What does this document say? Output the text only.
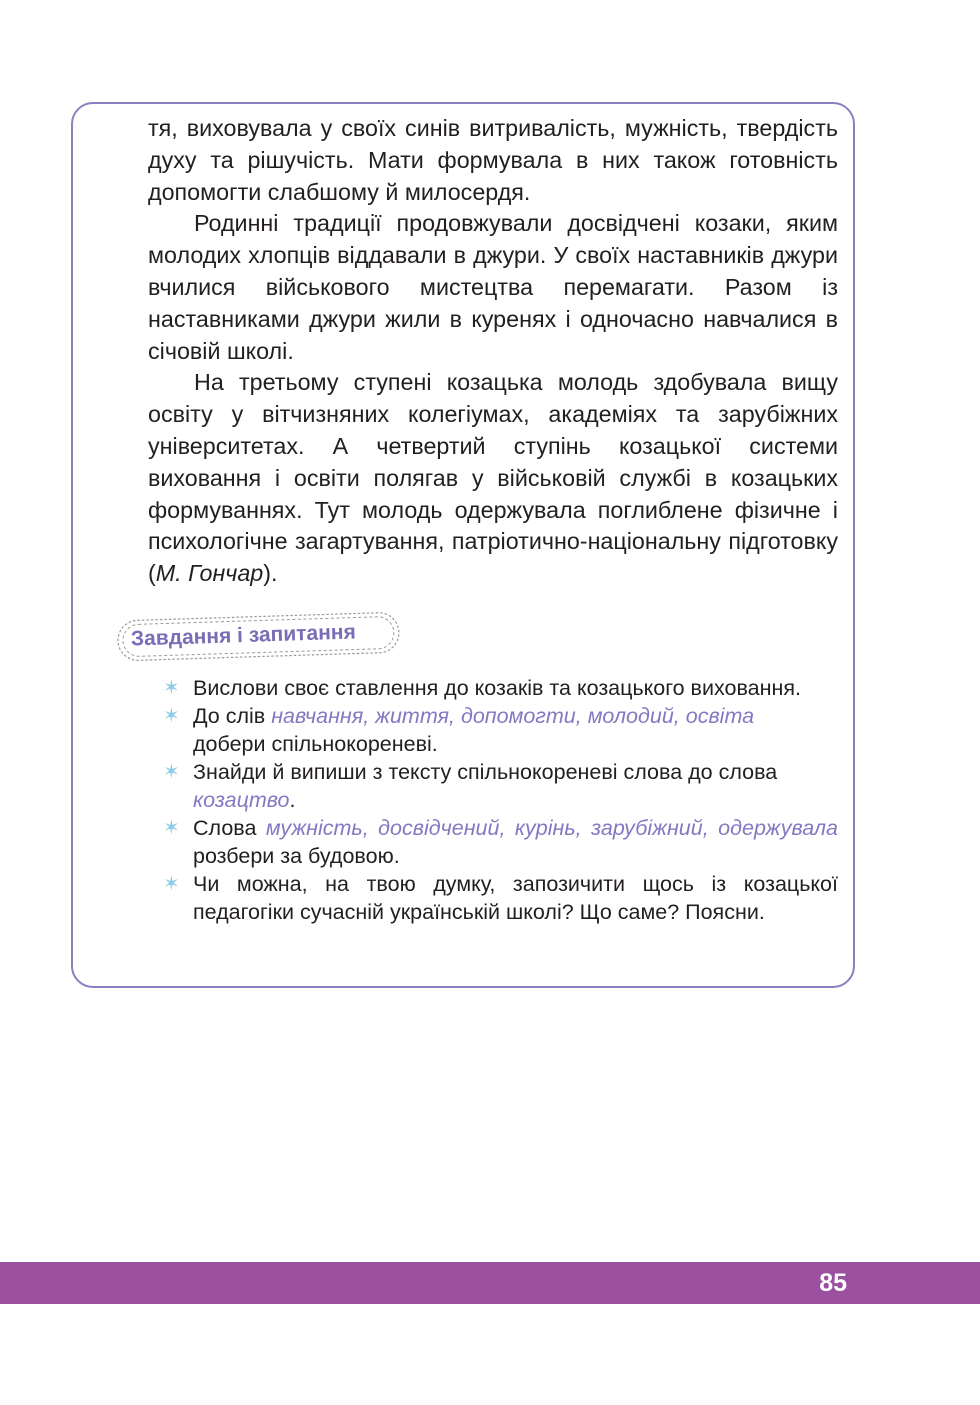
тя, виховувала у своїх синів витривалість, мужність, твердість духу та рішучість. Мати формувала в них також готовність допомогти слабшому й милосердя.

Родинні традиції продовжували досвідчені козаки, яким молодих хлопців віддавали в джури. У своїх наставників джури вчилися військового мистецтва перемагати. Разом із наставниками джури жили в куренях і одночасно навчалися в січовій школі.

На третьому ступені козацька молодь здобувала вищу освіту у вітчизняних колегіумах, академіях та зарубіжних університетах. А четвертий ступінь козацької системи виховання і освіти полягав у військовій службі в козацьких формуваннях. Тут молодь одержувала поглиблене фізичне і психологічне загартування, патріотично-національну підготовку (М. Гончар).

Завдання і запитання
✶ Вислови своє ставлення до козаків та козацького виховання.
✶ До слів навчання, життя, допомогти, молодий, освіта
добери спільнокореневі.
✶ Знайди й випиши з тексту спільнокореневі слова до слова
козацтво.
✶ Слова мужність, досвідчений, курінь, зарубіжний, одержувала розбери за будовою.
✶ Чи можна, на твою думку, запозичити щось із козацької педагогіки сучасній українській школі? Що саме? Поясни.
85
